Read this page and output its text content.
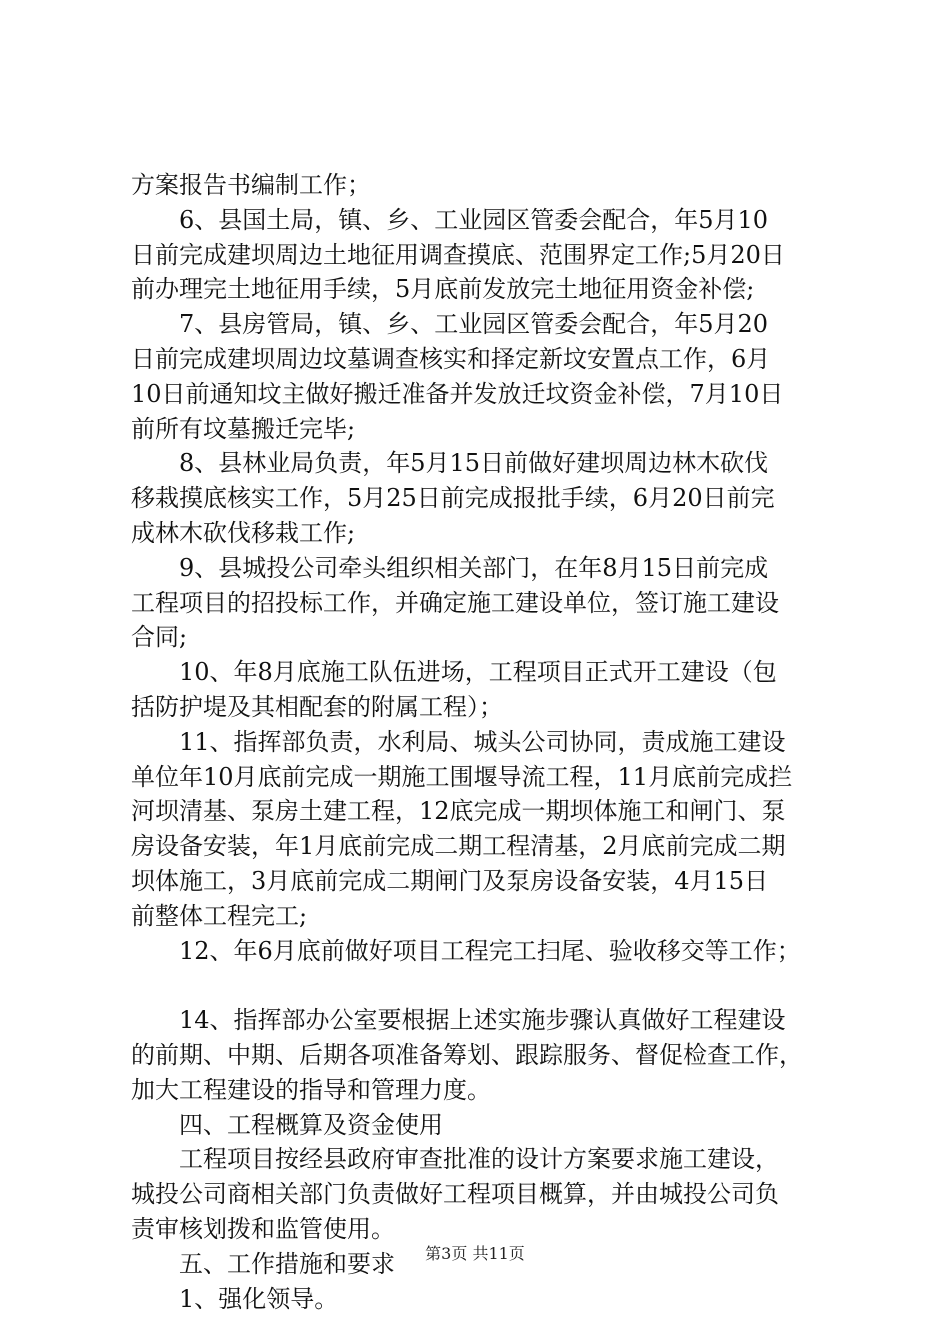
方案报告书编制工作；
6、县国土局，镇、乡、工业园区管委会配合，年5月10
日前完成建坝周边土地征用调查摸底、范围界定工作;5月20日
前办理完土地征用手续，5月底前发放完土地征用资金补偿;
7、县房管局，镇、乡、工业园区管委会配合，年5月20
日前完成建坝周边坟墓调查核实和择定新坟安置点工作，6月
10日前通知坟主做好搬迁准备并发放迁坟资金补偿，7月10日
前所有坟墓搬迁完毕;
8、县林业局负责，年5月15日前做好建坝周边林木砍伐
移栽摸底核实工作，5月25日前完成报批手续，6月20日前完
成林木砍伐移栽工作;
9、县城投公司牵头组织相关部门，在年8月15日前完成
工程项目的招投标工作，并确定施工建设单位，签订施工建设
合同;
10、年8月底施工队伍进场，工程项目正式开工建设（包
括防护堤及其相配套的附属工程）；
11、指挥部负责，水利局、城头公司协同，责成施工建设
单位年10月底前完成一期施工围堰导流工程，11月底前完成拦
河坝清基、泵房土建工程，12底完成一期坝体施工和闸门、泵
房设备安装，年1月底前完成二期工程清基，2月底前完成二期
坝体施工，3月底前完成二期闸门及泵房设备安装，4月15日
前整体工程完工;
12、年6月底前做好项目工程完工扫尾、验收移交等工作；
14、指挥部办公室要根据上述实施步骤认真做好工程建设
的前期、中期、后期各项准备筹划、跟踪服务、督促检查工作，
加大工程建设的指导和管理力度。
四、工程概算及资金使用
工程项目按经县政府审查批准的设计方案要求施工建设，
城投公司商相关部门负责做好工程项目概算，并由城投公司负
责审核划拨和监管使用。
五、工作措施和要求
1、强化领导。
第3页 共11页
